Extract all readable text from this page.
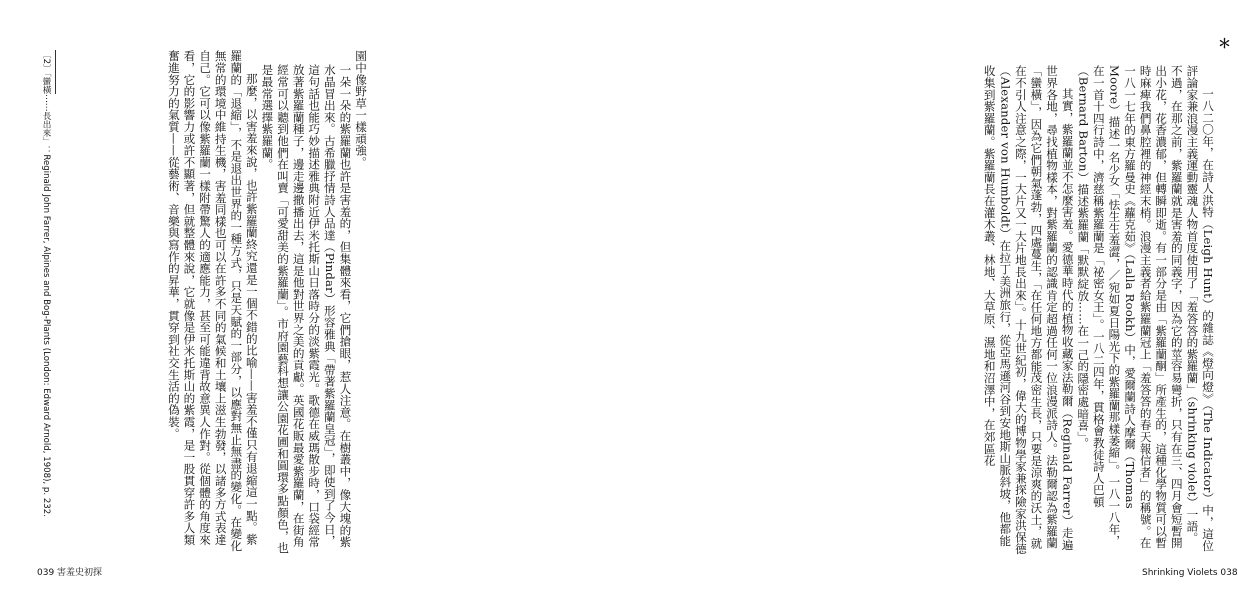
〔2〕「蠻橫⋯⋯長出來」：Reginald John Farrer, Alpines and Bog-Plants (London: Edward Arnold, 1908), p. 232.	園中像野草一樣頑強。

一朵一朵的紫羅蘭也許是害羞的，但集體來看，它們搶眼，惹人注意。在樹叢中，像大塊的紫水晶冒出來。古希臘抒情詩人品達（Pindar）形容雅典「帶著紫羅蘭皇冠」，即使到了今日，這句話也能巧妙描述雅典附近伊米托斯山日落時分的淡紫霞光。歌德在威瑪散步時，口袋經常放著紫羅蘭種子，邊走邊撒播出去，這是他對世界之美的貢獻。英國花販最愛紫羅蘭，在街角經常可以聽到他們在叫賣「可愛甜美的紫羅蘭」。市府園藝科想讓公園花圃和圓環多點顏色，也是最常選擇紫羅蘭。

那麼，以害羞來說，也許紫羅蘭終究還是一個不錯的比喻——害羞不僅只有退縮這一點。紫羅蘭的「退縮」，不是退出世界的一種方式，只是天賦的一部分，以應對無止無盡的變化。在變化無常的環境中維持生機，害羞同樣也可以在許多不同的氣候和土壤上滋生勃發，以諸多方式表達自己。它可以像紫羅蘭一樣附帶驚人的適應能力，甚至可能違背故意異人作對。從個體的角度來看，它的影響力或許不顯著，但就整體來說，它就像是伊米托斯山的紫霞，是一股貫穿許多人類奮進努力的氣質——從藝術、音樂與寫作的昇華，貫穿到社交生活的偽裝。

039 害羞史初探
＊

一八二〇年，在詩人洪特（Leigh Hunt）的雜誌《燈向燈》（The Indicator）中，這位評論家兼浪漫主義運動靈魂人物首度使用了「羞答答的紫羅蘭」（shrinking violet）一語。不過，在那之前，紫羅蘭就是害羞的同義字，因為它的莖容易彎折，只有在三、四月會短暫開出小花，花香濃郁，但轉瞬即逝。有一部分是由「紫羅蘭酮」所產生的，這種化學物質可以暫時麻痺我們鼻腔裡的神經末梢。浪漫主義者給紫羅蘭冠上「羞答答的春天報信者」的稱號。在一八一七年的東方羅曼史《蘿克茹》（Lalla Rookh）中，愛爾蘭詩人摩爾（Thomas Moore）描述一名少女「怯生生羞澀，／宛如夏日陽光下的紫羅蘭那樣萎縮」。一八一八年，在一首十四行詩中，濟慈稱紫羅蘭是「祕密女王」。一八二四年，貫格會教徒詩人巴頓（Bernard Barton）描述紫羅蘭「默默綻放……在一己的隱密處暗喜」。

其實，紫羅蘭並不怎麼害羞。愛德華時代的植物收藏家法勒爾（Reginald Farrer）走遍世界各地，尋找植物樣本，對紫羅蘭的認識肯定超過任何一位浪漫派詩人。法勒爾認為紫羅蘭「蠻橫」，因為它們朝氣蓬勃，四處蔓生，「在任何地方都能茂密生長，只要是涼爽的沃土，就在不引人注意之際，一大片又一大片地長出來」。十九世紀初，偉大的博物學家兼探險家洪保德（Alexander von Humboldt）在拉丁美洲旅行，從亞馬遜河谷到安地斯山脈斜坡，他都能收集到紫羅蘭。紫羅蘭長在灌木叢、林地、大草原、濕地和沼澤中，在郊區花

Shrinking Violets 038
